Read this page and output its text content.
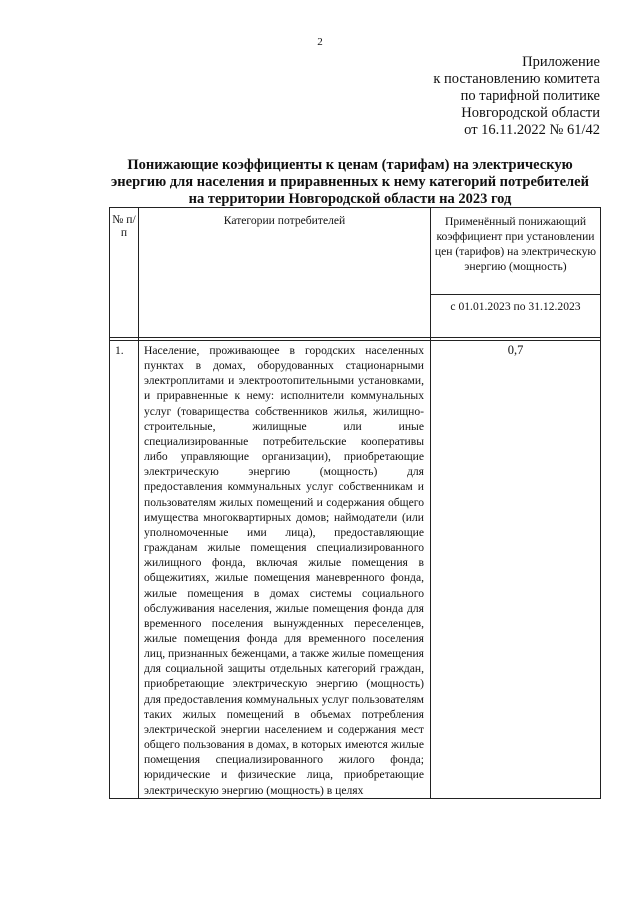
2
Приложение
к постановлению комитета
по тарифной политике
Новгородской области
от 16.11.2022 № 61/42
Понижающие коэффициенты к ценам (тарифам) на электрическую
энергию для населения и приравненных к нему категорий потребителей
на территории Новгородской области на 2023 год
№ п/п	Категории потребителей	Применённый понижающий коэффициент при установлении цен (тарифов) на электрическую энергию (мощность)
		с 01.01.2023 по 31.12.2023

1.	Население, проживающее в городских населенных пунктах в домах, оборудованных стационарными электроплитами и электроотопительными установками, и приравненные к нему: исполнители коммунальных услуг (товарищества собственников жилья, жилищно-строительные, жилищные или иные специализированные потребительские кооперативы либо управляющие организации), приобретающие электрическую энергию (мощность) для предоставления коммунальных услуг собственникам и пользователям жилых помещений и содержания общего имущества многоквартирных домов; наймодатели (или уполномоченные ими лица), предоставляющие гражданам жилые помещения специализированного жилищного фонда, включая жилые помещения в общежитиях, жилые помещения маневренного фонда, жилые помещения в домах системы социального обслуживания населения, жилые помещения фонда для временного поселения вынужденных переселенцев, жилые помещения фонда для временного поселения лиц, признанных беженцами, а также жилые помещения для социальной защиты отдельных категорий граждан, приобретающие электрическую энергию (мощность) для предоставления коммунальных услуг пользователям таких жилых помещений в объемах потребления электрической энергии населением и содержания мест общего пользования в домах, в которых имеются жилые помещения специализированного жилого фонда; юридические и физические лица, приобретающие электрическую энергию (мощность) в целях	0,7
